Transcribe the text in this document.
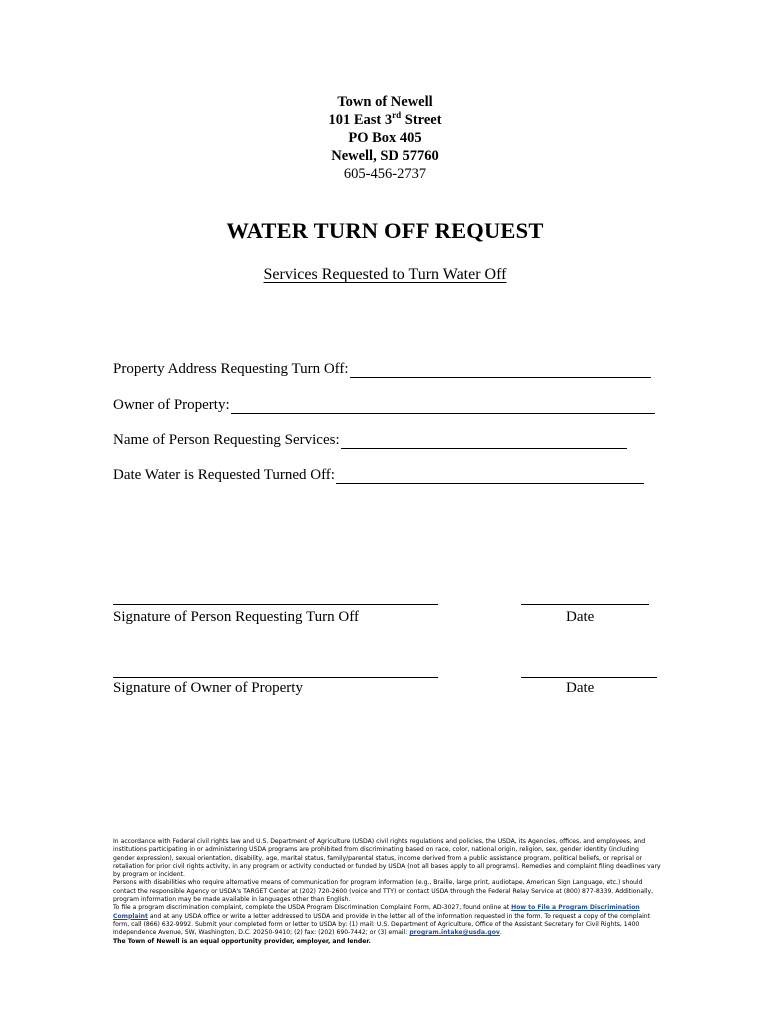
Town of Newell
101 East 3rd Street
PO Box 405
Newell, SD 57760
605-456-2737
WATER TURN OFF REQUEST
Services Requested to Turn Water Off
Property Address Requesting Turn Off:
Owner of Property:
Name of Person Requesting Services:
Date Water is Requested Turned Off:
Signature of Person Requesting Turn Off	Date
Signature of Owner of Property	Date

In accordance with Federal civil rights law and U.S. Department of Agriculture (USDA) civil rights regulations and policies, the USDA, its Agencies, offices, and employees, and institutions participating in or administering USDA programs are prohibited from discriminating based on race, color, national origin, religion, sex, gender identity (including gender expression), sexual orientation, disability, age, marital status, family/parental status, income derived from a public assistance program, political beliefs, or reprisal or retaliation for prior civil rights activity, in any program or activity conducted or funded by USDA (not all bases apply to all programs). Remedies and complaint filing deadlines vary by program or incident.

Persons with disabilities who require alternative means of communication for program information (e.g., Braille, large print, audiotape, American Sign Language, etc.) should contact the responsible Agency or USDA's TARGET Center at (202) 720-2600 (voice and TTY) or contact USDA through the Federal Relay Service at (800) 877-8339. Additionally, program information may be made available in languages other than English.

To file a program discrimination complaint, complete the USDA Program Discrimination Complaint Form, AD-3027, found online at How to File a Program Discrimination Complaint and at any USDA office or write a letter addressed to USDA and provide in the letter all of the information requested in the form. To request a copy of the complaint form, call (866) 632-9992. Submit your completed form or letter to USDA by: (1) mail: U.S. Department of Agriculture, Office of the Assistant Secretary for Civil Rights, 1400 Independence Avenue, SW, Washington, D.C. 20250-9410; (2) fax: (202) 690-7442; or (3) email: program.intake@usda.gov.

The Town of Newell is an equal opportunity provider, employer, and lender.
